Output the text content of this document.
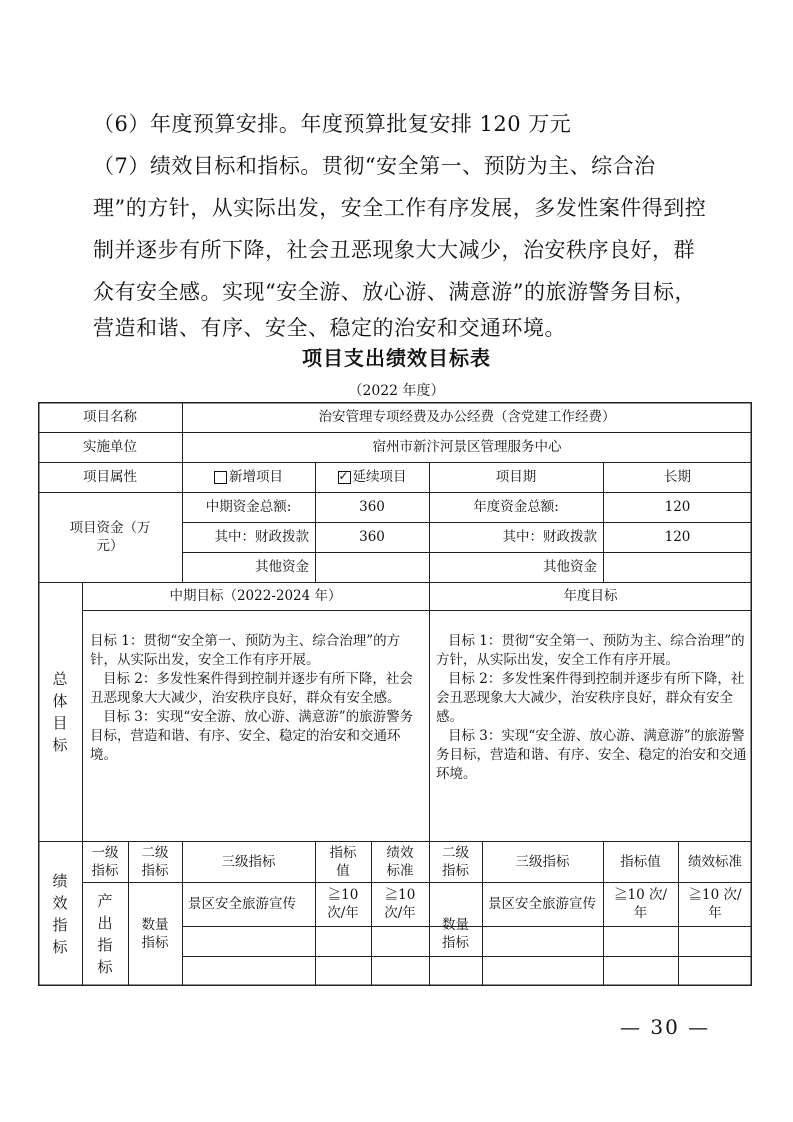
（6）年度预算安排。年度预算批复安排 120 万元
（7）绩效目标和指标。贯彻“安全第一、预防为主、综合治
理”的方针，从实际出发，安全工作有序发展，多发性案件得到控
制并逐步有所下降，社会丑恶现象大大减少，治安秩序良好，群
众有安全感。实现“安全游、放心游、满意游”的旅游警务目标，
营造和谐、有序、安全、稳定的治安和交通环境。
项目支出绩效目标表
（2022 年度）
项目名称	治安管理专项经费及办公经费（含党建工作经费）
实施单位	宿州市新汴河景区管理服务中心
项目属性	新增项目
✓	延续项目	项目期	长期
项目资金（万元）
中期资金总额:	360	年度资金总额:	120
其中：财政拨款	360	其中：财政拨款	120
其他资金	其他资金
总体目标
中期目标（2022-2024 年）	年度目标

目标 1：贯彻“安全第一、预防为主、综合治理”的方针，从实际出发，安全工作有序开展。

目标 2：多发性案件得到控制并逐步有所下降，社会丑恶现象大大减少，治安秩序良好，群众有安全感。

目标 3：实现“安全游、放心游、满意游”的旅游警务目标，营造和谐、有序、安全、稳定的治安和交通环境。

目标 1：贯彻“安全第一、预防为主、综合治理”的方针，从实际出发，安全工作有序开展。

目标 2：多发性案件得到控制并逐步有所下降，社会丑恶现象大大减少，治安秩序良好，群众有安全感。

目标 3：实现“安全游、放心游、满意游”的旅游警务目标，营造和谐、有序、安全、稳定的治安和交通环境。

绩效指标
一级指标
二级指标
三级指标
指标值
绩效标准
二级指标
三级指标	指标值	绩效标准
产出指标
数量指标
景区安全旅游宣传
≧10 次/年
≧10 次/年
数量指标
景区安全旅游宣传
≧10 次/年
≧10 次/年
— 30 —
